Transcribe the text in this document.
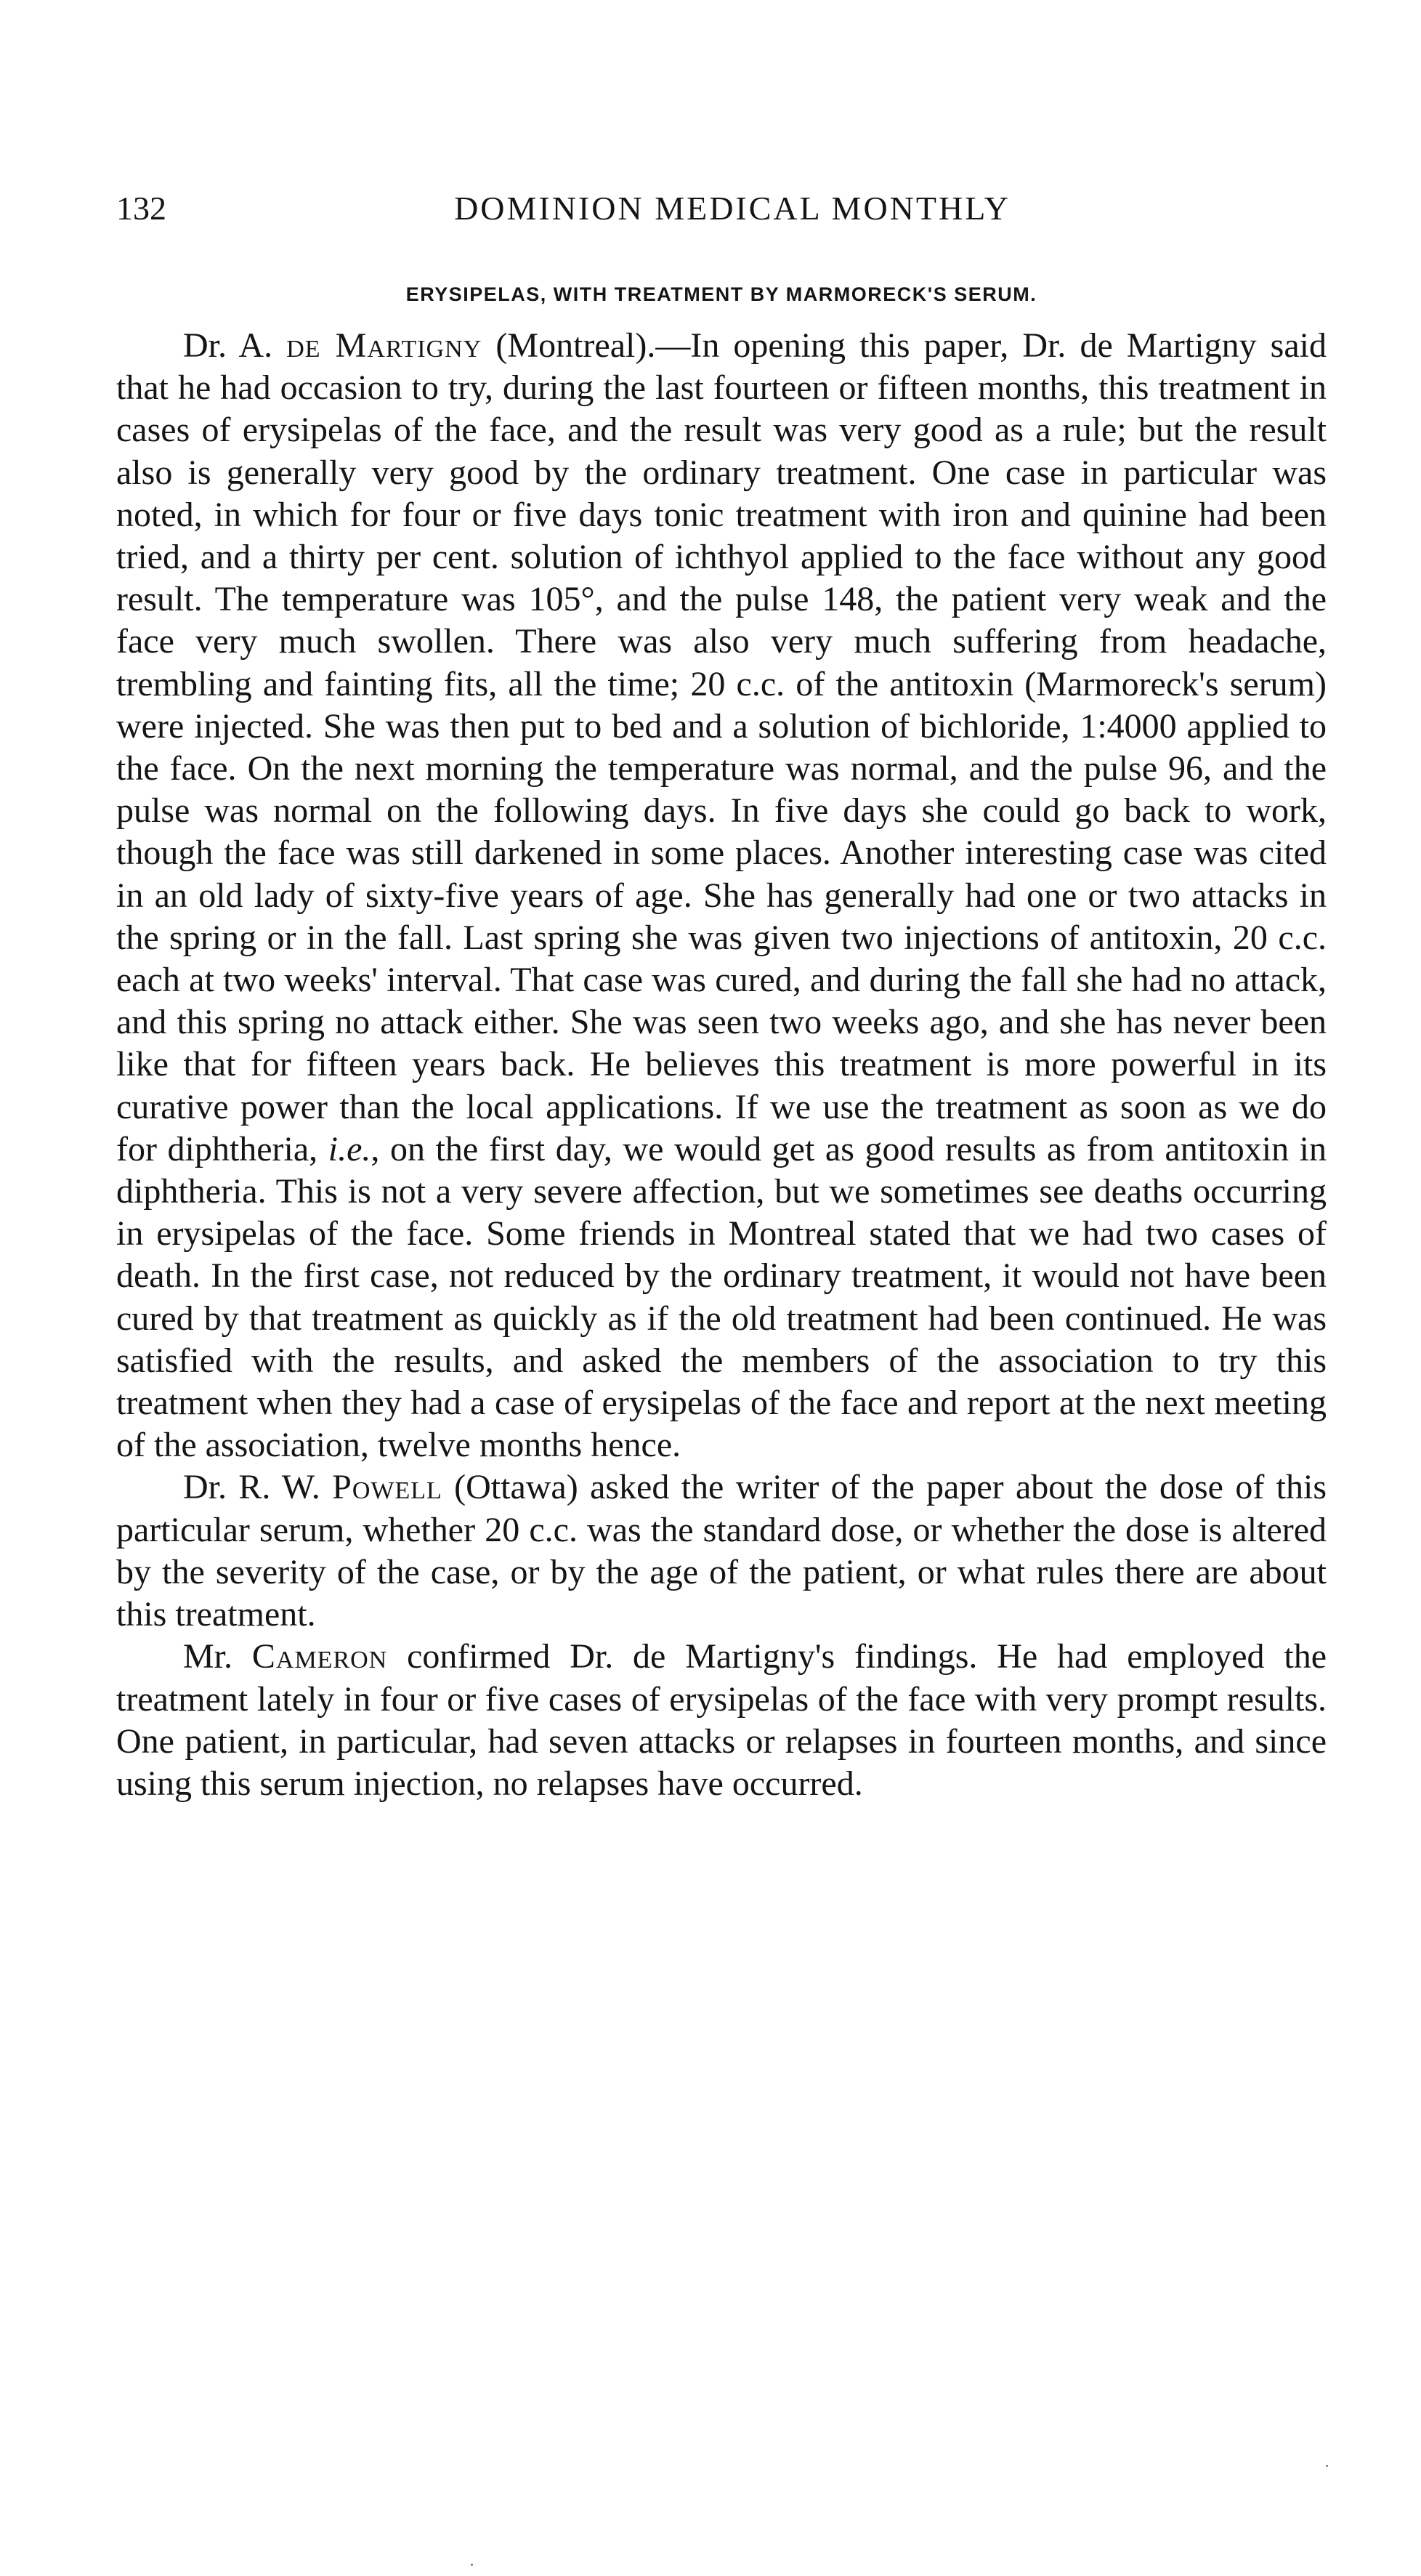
132	DOMINION MEDICAL MONTHLY
ERYSIPELAS, WITH TREATMENT BY MARMORECK'S SERUM.

Dr. A. de Martigny (Montreal).—In opening this paper, Dr. de Martigny said that he had occasion to try, during the last fourteen or fifteen months, this treatment in cases of erysipelas of the face, and the result was very good as a rule; but the result also is generally very good by the ordinary treatment. One case in particular was noted, in which for four or five days tonic treatment with iron and quinine had been tried, and a thirty per cent. solution of ichthyol applied to the face without any good result. The temperature was 105°, and the pulse 148, the patient very weak and the face very much swollen. There was also very much suffering from headache, trembling and fainting fits, all the time; 20 c.c. of the antitoxin (Marmoreck's serum) were injected. She was then put to bed and a solution of bichloride, 1:4000 applied to the face. On the next morning the temperature was normal, and the pulse 96, and the pulse was normal on the following days. In five days she could go back to work, though the face was still darkened in some places. Another interesting case was cited in an old lady of sixty-five years of age. She has generally had one or two attacks in the spring or in the fall. Last spring she was given two injections of antitoxin, 20 c.c. each at two weeks' interval. That case was cured, and during the fall she had no attack, and this spring no attack either. She was seen two weeks ago, and she has never been like that for fifteen years back. He believes this treatment is more powerful in its curative power than the local applications. If we use the treatment as soon as we do for diphtheria, i.e., on the first day, we would get as good results as from antitoxin in diphtheria. This is not a very severe affection, but we sometimes see deaths occurring in erysipelas of the face. Some friends in Montreal stated that we had two cases of death. In the first case, not reduced by the ordinary treatment, it would not have been cured by that treatment as quickly as if the old treatment had been continued. He was satisfied with the results, and asked the members of the association to try this treatment when they had a case of erysipelas of the face and report at the next meeting of the association, twelve months hence.

Dr. R. W. Powell (Ottawa) asked the writer of the paper about the dose of this particular serum, whether 20 c.c. was the standard dose, or whether the dose is altered by the severity of the case, or by the age of the patient, or what rules there are about this treatment.

Mr. Cameron confirmed Dr. de Martigny's findings. He had employed the treatment lately in four or five cases of erysipelas of the face with very prompt results. One patient, in particular, had seven attacks or relapses in fourteen months, and since using this serum injection, no relapses have occurred.
